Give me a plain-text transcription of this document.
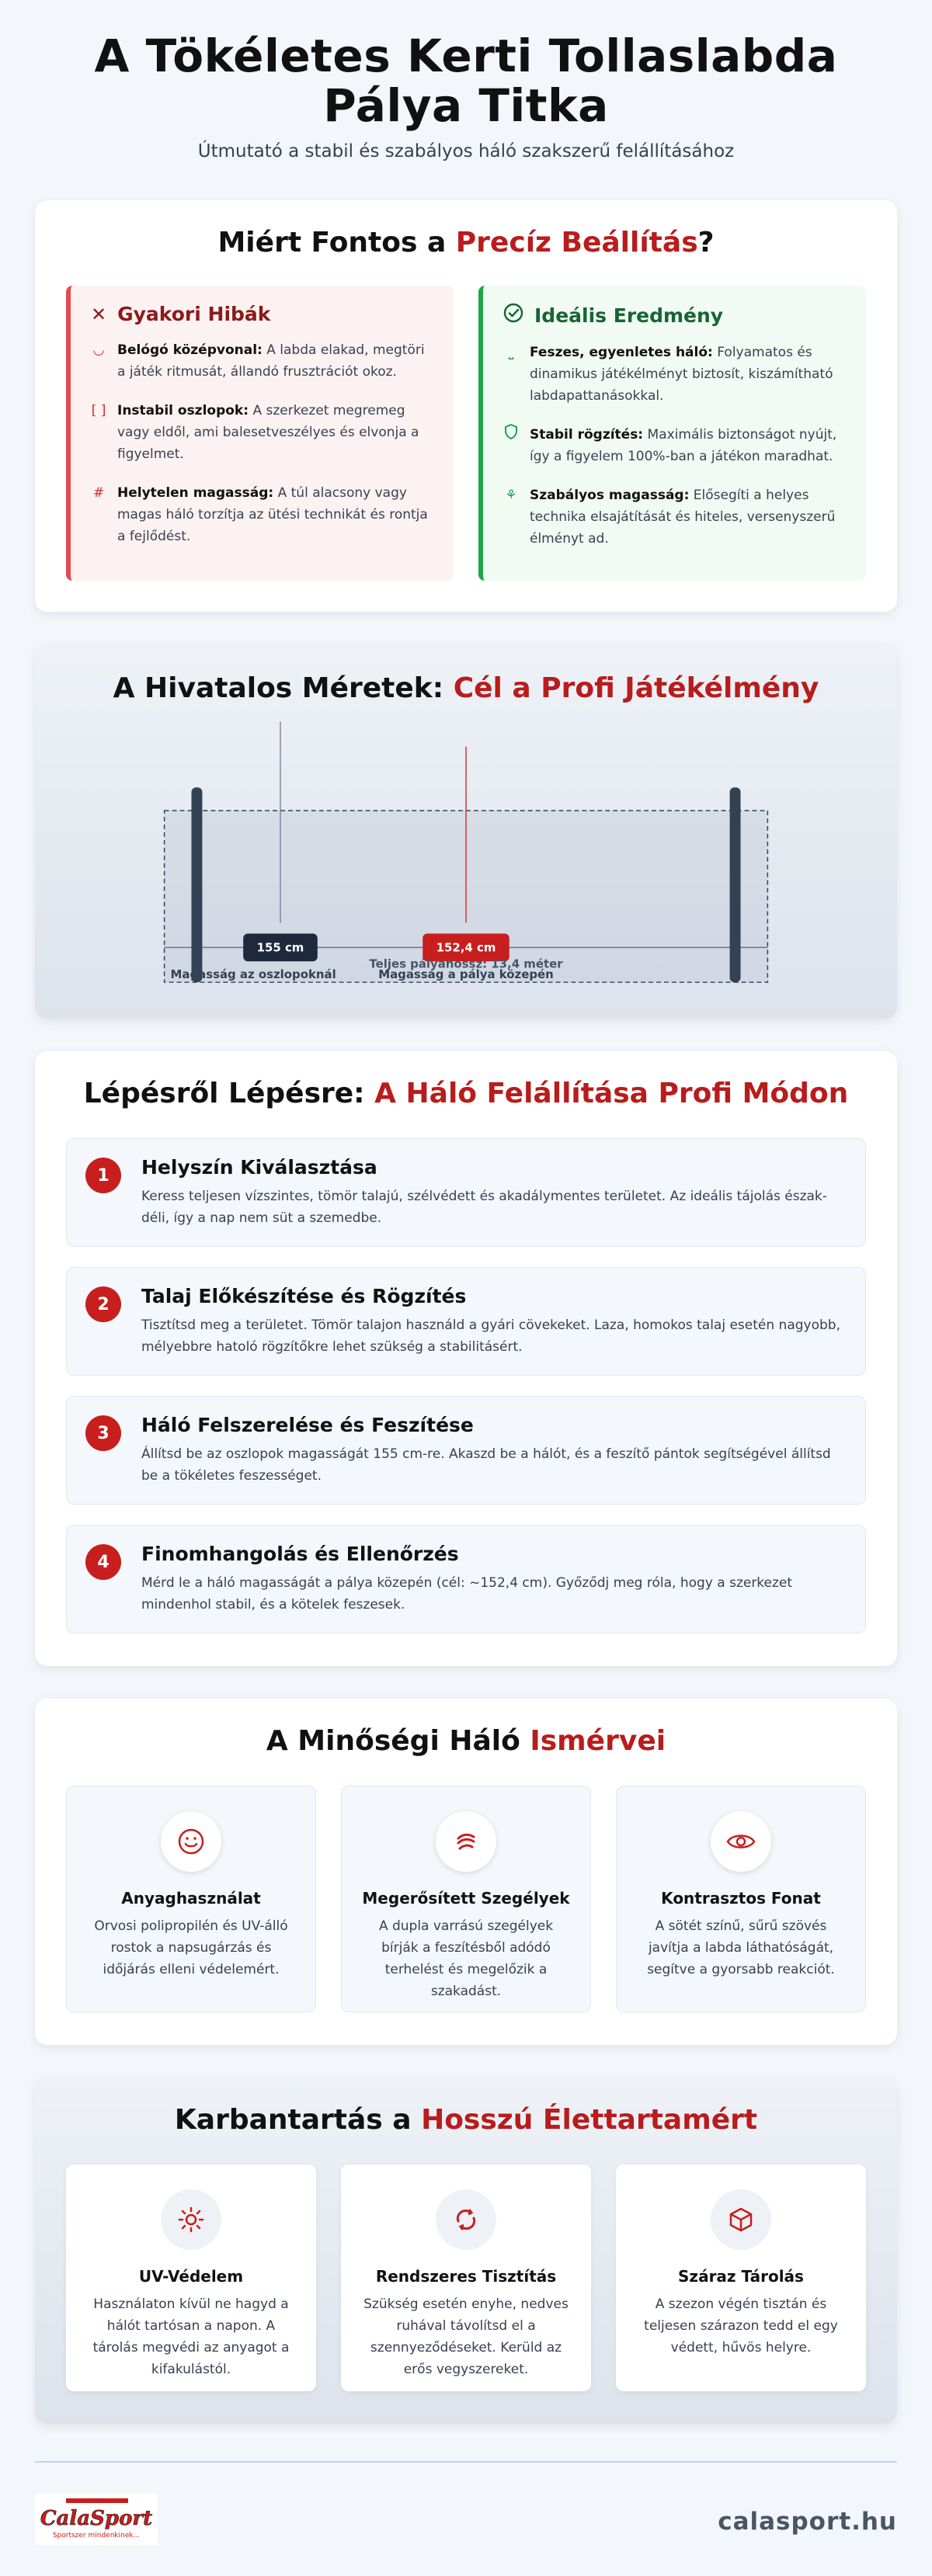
A Tökéletes Kerti Tollaslabda
Pálya Titka

Útmutató a stabil és szabályos háló szakszerű felállításához

Miért Fontos a Precíz Beállítás?
✕ Gyakori Hibák
◡ Belógó középvonal: A labda elakad, megtöri a játék ritmusát, állandó frusztrációt okoz.
[ ] Instabil oszlopok: A szerkezet megremeg vagy eldől, ami balesetveszélyes és elvonja a figyelmet.
# Helytelen magasság: A túl alacsony vagy magas háló torzítja az ütési technikát és rontja a fejlődést.
Ideális Eredmény
⎵	Feszes, egyenletes háló: Folyamatos és dinamikus játékélményt biztosít, kiszámítható labdapattanásokkal.
Stabil rögzítés: Maximális biztonságot nyújt, így a figyelem 100%-ban a játékon maradhat.
⚘ Szabályos magasság: Elősegíti a helyes technika elsajátítását és hiteles, versenyszerű élményt ad.
A Hivatalos Méretek: Cél a Profi Játékélmény
155 cm	152,4 cm
Teljes pályahossz: 13,4 méter
Magasság az oszlopoknál	Magasság a pálya közepén
Lépésről Lépésre: A Háló Felállítása Profi Módon
1	Helyszín Kiválasztása

Keress teljesen vízszintes, tömör talajú, szélvédett és akadálymentes területet. Az ideális tájolás észak-déli, így a nap nem süt a szemedbe.

2	Talaj Előkészítése és Rögzítés

Tisztítsd meg a területet. Tömör talajon használd a gyári cövekeket. Laza, homokos talaj esetén nagyobb, mélyebbre hatoló rögzítőkre lehet szükség a stabilitásért.

3	Háló Felszerelése és Feszítése

Állítsd be az oszlopok magasságát 155 cm-re. Akaszd be a hálót, és a feszítő pántok segítségével állítsd be a tökéletes feszességet.

4	Finomhangolás és Ellenőrzés

Mérd le a háló magasságát a pálya közepén (cél: ~152,4 cm). Győződj meg róla, hogy a szerkezet mindenhol stabil, és a kötelek feszesek.

A Minőségi Háló Ismérvei
Anyaghasználat

Orvosi polipropilén és UV-álló rostok a napsugárzás és időjárás elleni védelemért.

Megerősített Szegélyek

A dupla varrású szegélyek bírják a feszítésből adódó terhelést és megelőzik a szakadást.

Kontrasztos Fonat

A sötét színű, sűrű szövés javítja a labda láthatóságát, segítve a gyorsabb reakciót.

Karbantartás a Hosszú Élettartamért
UV-Védelem

Használaton kívül ne hagyd a hálót tartósan a napon. A tárolás megvédi az anyagot a kifakulástól.

Rendszeres Tisztítás

Szükség esetén enyhe, nedves ruhával távolítsd el a szennyeződéseket. Kerüld az erős vegyszereket.

Száraz Tárolás

A szezon végén tisztán és teljesen szárazon tedd el egy védett, hűvös helyre.

CalaSport
Sportszer mindenkinek...	calasport.hu
